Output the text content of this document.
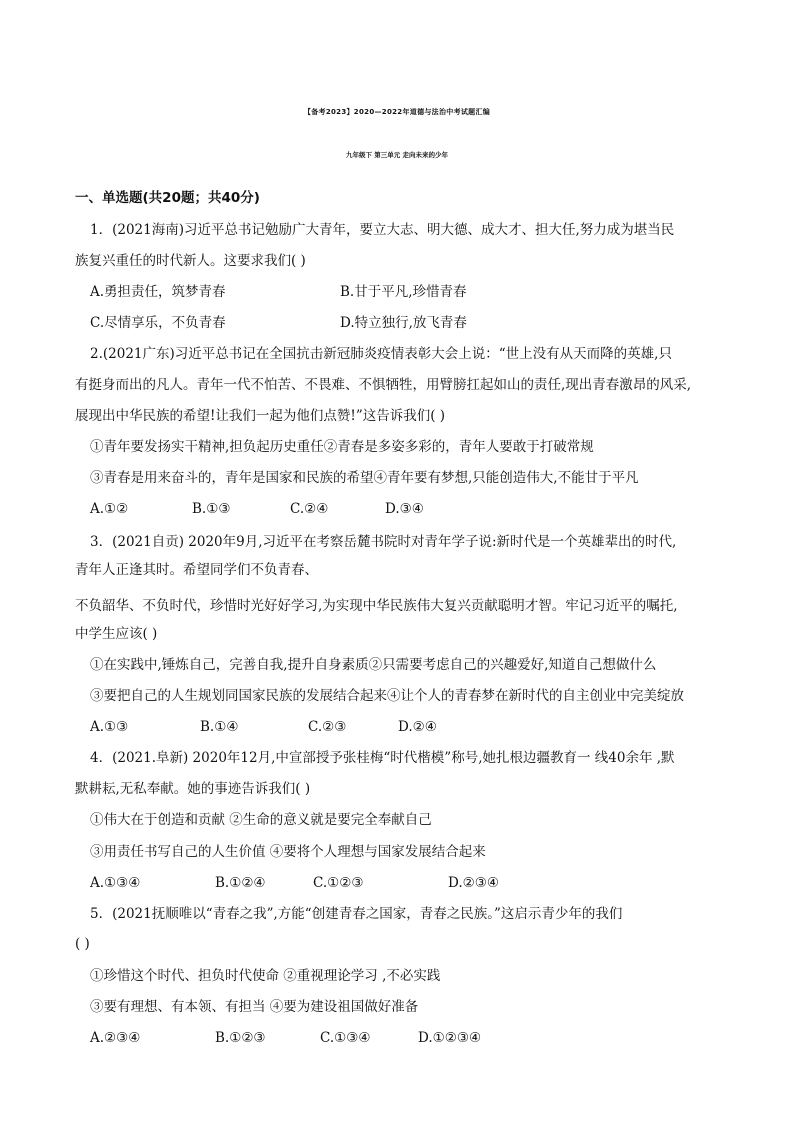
【备考2023】2020—2022年道德与法治中考试题汇编
九年级下 第三单元 走向未来的少年
一、单选题(共20题；共40分)
1．(2021海南)习近平总书记勉励广大青年，要立大志、明大德、成大才、担大任,努力成为堪当民
族复兴重任的时代新人。这要求我们( )
A.勇担责任，筑梦青春	B.甘于平凡,珍惜青春
C.尽情享乐，不负青春	D.特立独行,放飞青春
2.(2021广东)习近平总书记在全国抗击新冠肺炎疫情表彰大会上说：“世上没有从天而降的英雄,只
有挺身而出的凡人。青年一代不怕苦、不畏难、不惧牺牲，用臂膀扛起如山的责任,现出青春激昂的风采,
展现出中华民族的希望!让我们一起为他们点赞!”这告诉我们( )
①青年要发扬实干精神,担负起历史重任②青春是多姿多彩的，青年人要敢于打破常规
③青春是用来奋斗的，青年是国家和民族的希望④青年要有梦想,只能创造伟大,不能甘于平凡
A.①②	B.①③	C.②④	D.③④
3．(2021自贡) 2020年9月,习近平在考察岳麓书院时对青年学子说:新时代是一个英雄辈出的时代,
青年人正逢其时。希望同学们不负青春、
不负韶华、不负时代，珍惜时光好好学习,为实现中华民族伟大复兴贡献聪明才智。牢记习近平的嘱托,
中学生应该( )
①在实践中,锤炼自己，完善自我,提升自身素质②只需要考虑自己的兴趣爱好,知道自己想做什么
③要把自己的人生规划同国家民族的发展结合起来④让个人的青春梦在新时代的自主创业中完美绽放
A.①③	B.①④	C.②③	D.②④
4．(2021.阜新) 2020年12月,中宣部授予张桂梅“时代楷模”称号,她扎根边疆教育一 线40余年 ,默
默耕耘,无私奉献。她的事迹告诉我们( )
①伟大在于创造和贡献 ②生命的意义就是要完全奉献自己
③用责任书写自己的人生价值 ④要将个人理想与国家发展结合起来
A.①③④	B.①②④	C.①②③	D.②③④
5．(2021抚顺唯以“青春之我”,方能“创建青春之国家，青春之民族。”这启示青少年的我们
( )
①珍惜这个时代、担负时代使命 ②重视理论学习 ,不必实践
③要有理想、有本领、有担当 ④要为建设祖国做好准备
A.②③④	B.①②③	C.①③④	D.①②③④
